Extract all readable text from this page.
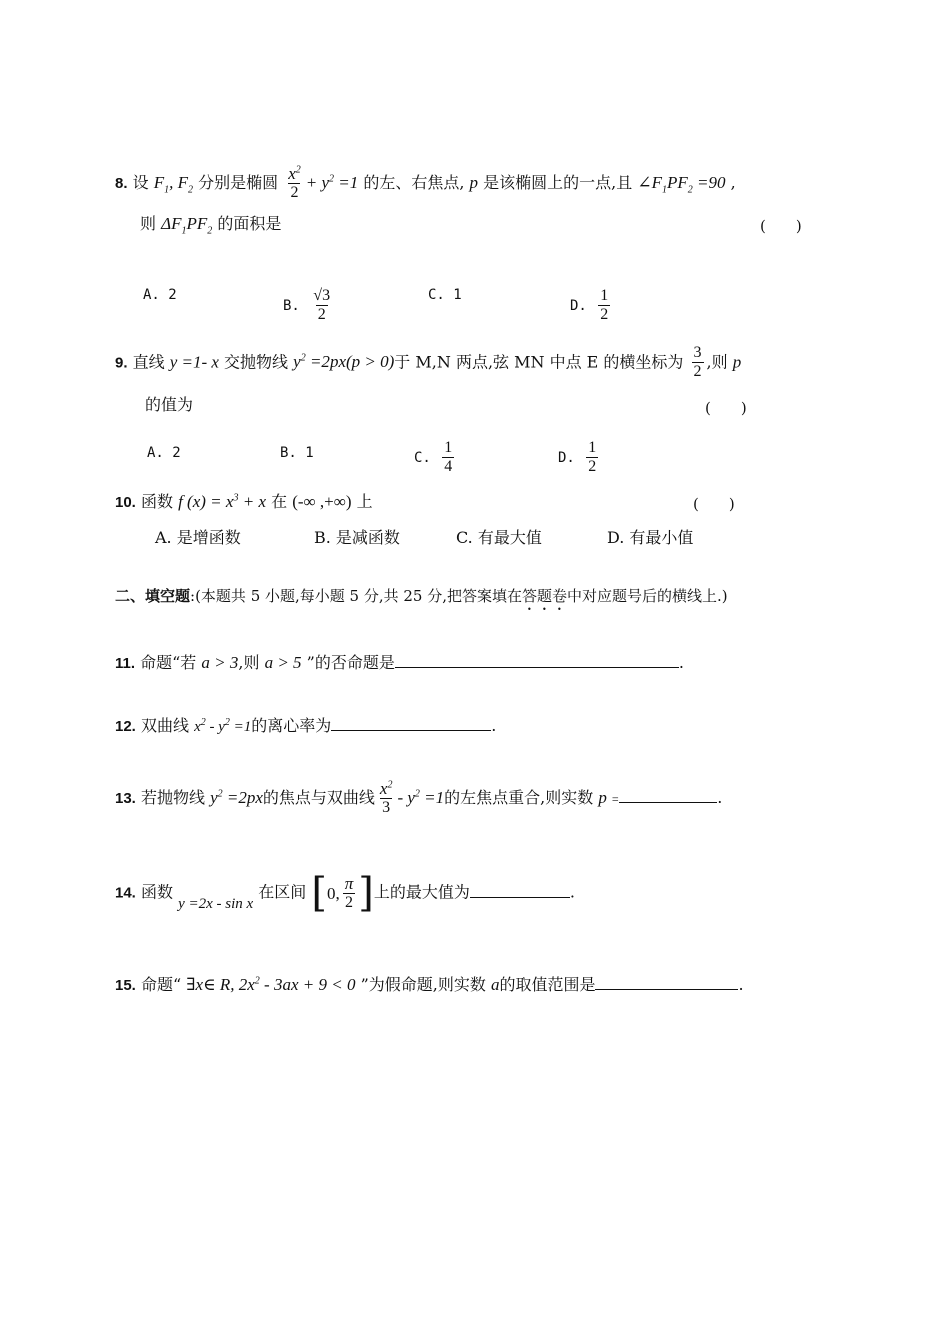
8. 设 $F_1$, $F_2$ 分别是椭圆 $\frac{x^2}{2} + y^2 =1$ 的左、右焦点, p 是该椭圆上的一点,且 $\angle F_1PF_2 =90$ ,
则 $\Delta F_1PF_2$ 的面积是	(　　)
A. 2
B. $\frac{√3}{2}$	C. 1
D. $\frac{1}{2}$
9. 直线 y =1- x 交抛物线 $y^2 =2px(p > 0)$于 M,N 两点,弦 MN 中点 E 的横坐标为 $\frac{3}{2}$ ,则 p
的值为	(　　)
A. 2	B. 1	C. $\frac{1}{4}$	D. $\frac{1}{2}$
10. 函数 f $(x) = x^3 + x$ 在 (-∞ ,+∞) 上	(　　)
A. 是增函数	B. 是减函数	C. 有最大值	D. 有最小值
二、填空题:(本题共 5 小题,每小题 5 分,共 25 分,把答案填在答题卷中对应题号后的横线上.)
11. 命题“若 a > 3,则 a > 5 ”的否命题是	.
12. 双曲线 $x^2 - y^2 =1$的离心率为	.
13. 若抛物线 $y^2 =2px$的焦点与双曲线 $\frac{x^2}{3} - y^2 =1$的左焦点重合,则实数 p =	.
14. 函数 y =2x - sin x 在区间 [ 0, $\frac{\pi}{2}$ ] 上的最大值为	.
15. 命题“ ∃x∈ R, $2x^2 - 3ax + 9 < 0$ ”为假命题,则实数 a的取值范围是	.
